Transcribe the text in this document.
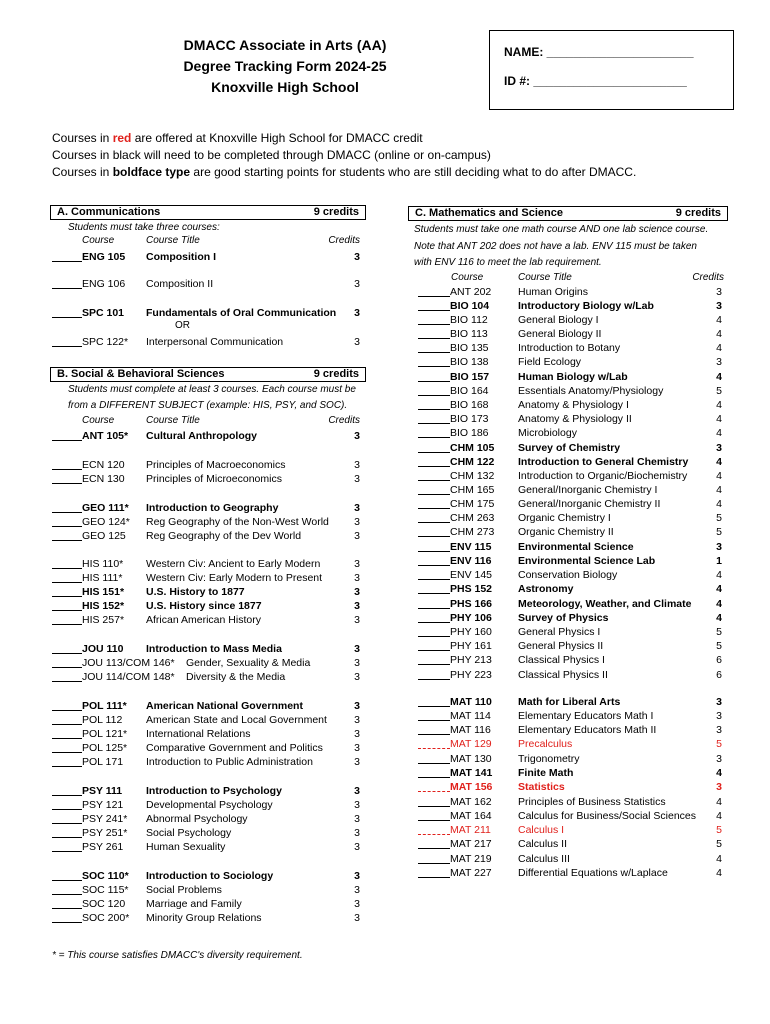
DMACC Associate in Arts (AA)
Degree Tracking Form 2024-25
Knoxville High School
NAME: ______________________
ID #: _______________________
Courses in red are offered at Knoxville High School for DMACC credit
Courses in black will need to be completed through DMACC (online or on-campus)
Courses in boldface type are good starting points for students who are still deciding what to do after DMACC.
A. Communications	9 credits
Students must take three courses:
Course	Course Title	Credits
OR
ENG 105 Composition I	3
ENG 106 Composition II	3
SPC 101 Fundamentals of Oral Communication	3
SPC 122* Interpersonal Communication	3
B. Social & Behavioral Sciences	9 credits
Students must complete at least 3 courses. Each course must be
from a DIFFERENT SUBJECT (example: HIS, PSY, and SOC).
Course	Course Title	Credits
ANT 105* Cultural Anthropology	3
ECN 120 Principles of Macroeconomics	3
ECN 130 Principles of Microeconomics	3
GEO 111* Introduction to Geography	3
GEO 124* Reg Geography of the Non-West World	3
GEO 125 Reg Geography of the Dev World	3
HIS 110* Western Civ: Ancient to Early Modern	3
HIS 111* Western Civ: Early Modern to Present	3
HIS 151* U.S. History to 1877	3
HIS 152* U.S. History since 1877	3
HIS 257* African American History	3
JOU 110 Introduction to Mass Media	3
JOU 113/COM 146* Gender, Sexuality & Media	3
JOU 114/COM 148* Diversity & the Media	3
POL 111* American National Government	3
POL 112 American State and Local Government	3
POL 121* International Relations	3
POL 125* Comparative Government and Politics	3
POL 171 Introduction to Public Administration	3
PSY 111 Introduction to Psychology	3
PSY 121 Developmental Psychology	3
PSY 241* Abnormal Psychology	3
PSY 251* Social Psychology	3
PSY 261 Human Sexuality	3
SOC 110* Introduction to Sociology	3
SOC 115* Social Problems	3
SOC 120 Marriage and Family	3
SOC 200* Minority Group Relations	3
C. Mathematics and Science	9 credits
Students must take one math course AND one lab science course.
Note that ANT 202 does not have a lab. ENV 115 must be taken
with ENV 116 to meet the lab requirement.
Course	Course Title	Credits
ANT 202	Human Origins	3
BIO 104	Introductory Biology w/Lab	3
BIO 112	General Biology I	4
BIO 113	General Biology II	4
BIO 135	Introduction to Botany	4
BIO 138	Field Ecology	3
BIO 157	Human Biology w/Lab	4
BIO 164	Essentials Anatomy/Physiology	5
BIO 168	Anatomy & Physiology I	4
BIO 173	Anatomy & Physiology II	4
BIO 186	Microbiology	4
CHM 105 Survey of Chemistry	3
CHM 122 Introduction to General Chemistry	4
CHM 132 Introduction to Organic/Biochemistry	4
CHM 165 General/Inorganic Chemistry I	4
CHM 175 General/Inorganic Chemistry II	4
CHM 263 Organic Chemistry I	5
CHM 273 Organic Chemistry II	5
ENV 115	Environmental Science	3
ENV 116	Environmental Science Lab	1
ENV 145 Conservation Biology	4
PHS 152 Astronomy	4
PHS 166 Meteorology, Weather, and Climate	4
PHY 106 Survey of Physics	4
PHY 160 General Physics I	5
PHY 161 General Physics II	5
PHY 213 Classical Physics I	6
PHY 223 Classical Physics II	6
MAT 110 Math for Liberal Arts	3
MAT 114	Elementary Educators Math I	3
MAT 116	Elementary Educators Math II	3
MAT 129	Precalculus	5
MAT 130	Trigonometry	3
MAT 141 Finite Math	4
MAT 156 Statistics	3
MAT 162	Principles of Business Statistics	4
MAT 164	Calculus for Business/Social Sciences	4
MAT 211	Calculus I	5
MAT 217	Calculus II	5
MAT 219	Calculus III	4
MAT 227	Differential Equations w/Laplace	4
* = This course satisfies DMACC's diversity requirement.
